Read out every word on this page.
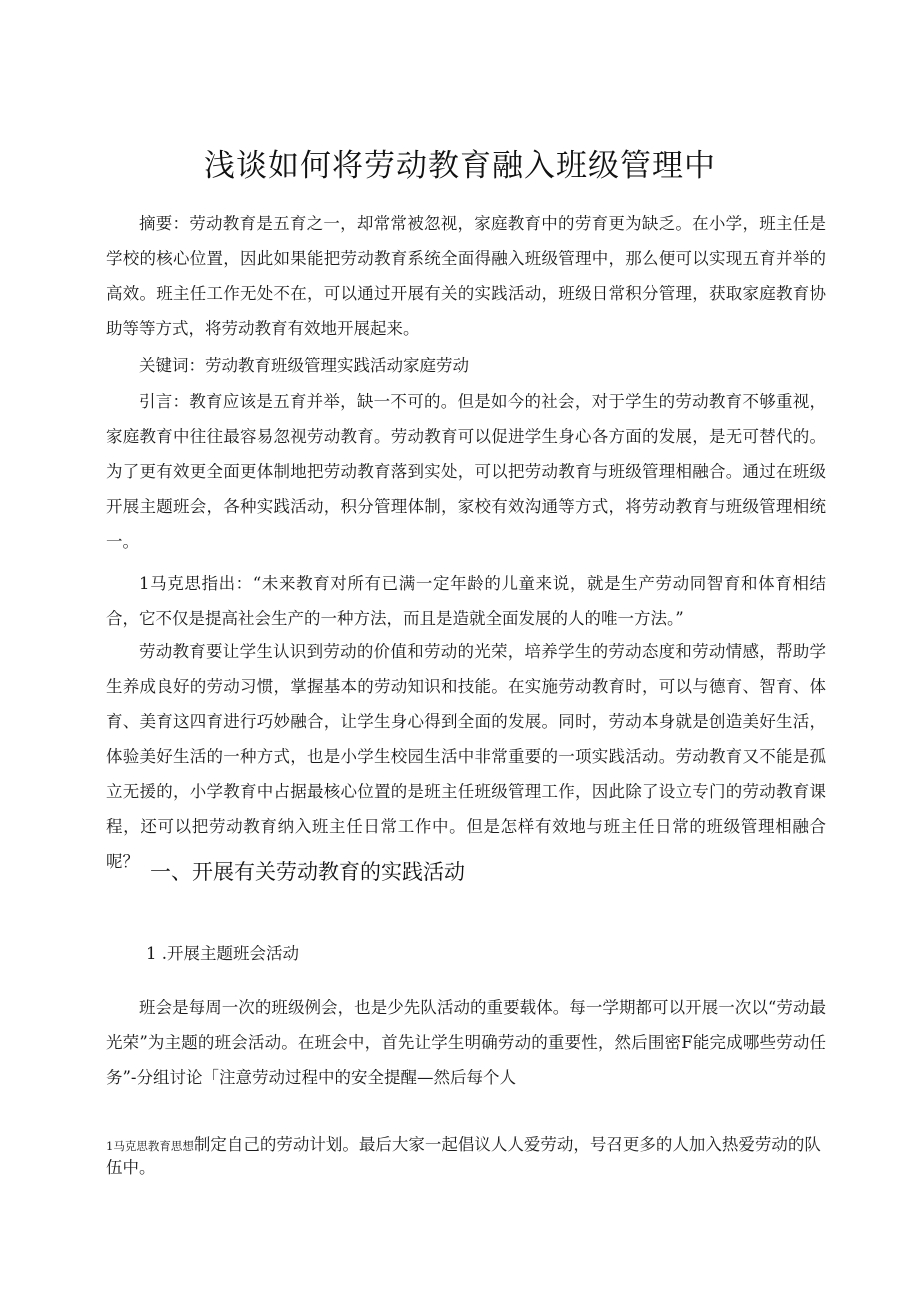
浅谈如何将劳动教育融入班级管理中

摘要：劳动教育是五育之一，却常常被忽视，家庭教育中的劳育更为缺乏。在小学，班主任是学校的核心位置，因此如果能把劳动教育系统全面得融入班级管理中，那么便可以实现五育并举的高效。班主任工作无处不在，可以通过开展有关的实践活动，班级日常积分管理，获取家庭教育协助等等方式，将劳动教育有效地开展起来。

关键词：劳动教育班级管理实践活动家庭劳动

引言：教育应该是五育并举，缺一不可的。但是如今的社会，对于学生的劳动教育不够重视，家庭教育中往往最容易忽视劳动教育。劳动教育可以促进学生身心各方面的发展，是无可替代的。为了更有效更全面更体制地把劳动教育落到实处，可以把劳动教育与班级管理相融合。通过在班级开展主题班会，各种实践活动，积分管理体制，家校有效沟通等方式，将劳动教育与班级管理相统一。

1马克思指出：“未来教育对所有已满一定年龄的儿童来说，就是生产劳动同智育和体育相结合，它不仅是提高社会生产的一种方法，而且是造就全面发展的人的唯一方法。”

劳动教育要让学生认识到劳动的价值和劳动的光荣，培养学生的劳动态度和劳动情感，帮助学生养成良好的劳动习惯，掌握基本的劳动知识和技能。在实施劳动教育时，可以与德育、智育、体育、美育这四育进行巧妙融合，让学生身心得到全面的发展。同时，劳动本身就是创造美好生活，体验美好生活的一种方式，也是小学生校园生活中非常重要的一项实践活动。劳动教育又不能是孤立无援的，小学教育中占据最核心位置的是班主任班级管理工作，因此除了设立专门的劳动教育课程，还可以把劳动教育纳入班主任日常工作中。但是怎样有效地与班主任日常的班级管理相融合呢？ 一、开展有关劳动教育的实践活动

1 .开展主题班会活动

班会是每周一次的班级例会，也是少先队活动的重要载体。每一学期都可以开展一次以“劳动最光荣”为主题的班会活动。在班会中，首先让学生明确劳动的重要性，然后围密F能完成哪些劳动任务”-分组讨论「注意劳动过程中的安全提醒—然后每个人

1马克思教育思想制定自己的劳动计划。最后大家一起倡议人人爱劳动，号召更多的人加入热爱劳动的队伍中。
